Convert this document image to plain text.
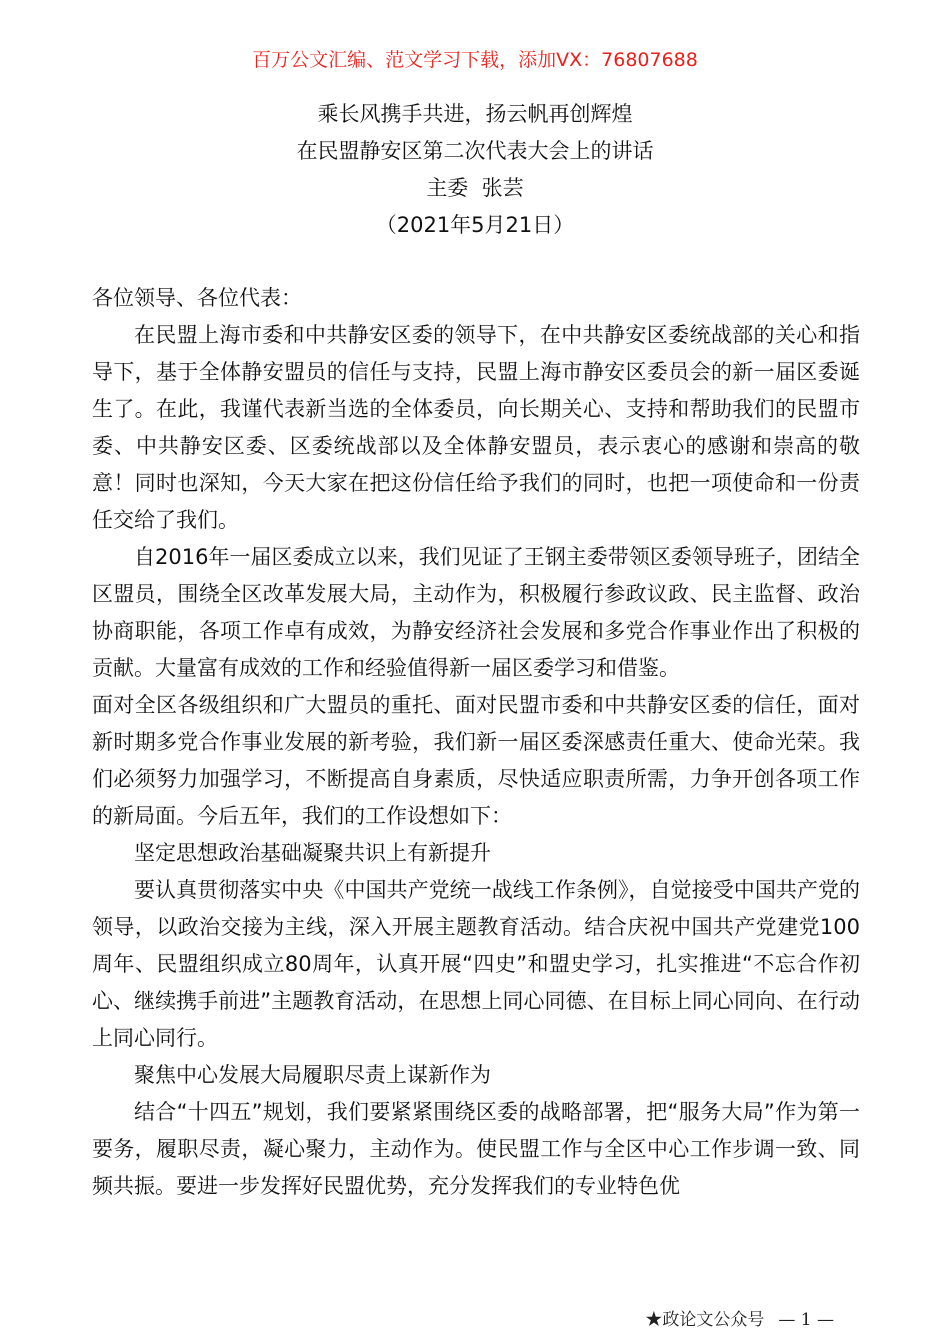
百万公文汇编、范文学习下载，添加VX：76807688
乘长风携手共进，扬云帆再创辉煌
在民盟静安区第二次代表大会上的讲话
主委  张芸
（2021年5月21日）

各位领导、各位代表：

在民盟上海市委和中共静安区委的领导下，在中共静安区委统战部的关心和指导下，基于全体静安盟员的信任与支持，民盟上海市静安区委员会的新一届区委诞生了。在此，我谨代表新当选的全体委员，向长期关心、支持和帮助我们的民盟市委、中共静安区委、区委统战部以及全体静安盟员，表示衷心的感谢和崇高的敬意！同时也深知，今天大家在把这份信任给予我们的同时，也把一项使命和一份责任交给了我们。

自2016年一届区委成立以来，我们见证了王钢主委带领区委领导班子，团结全区盟员，围绕全区改革发展大局，主动作为，积极履行参政议政、民主监督、政治协商职能，各项工作卓有成效，为静安经济社会发展和多党合作事业作出了积极的贡献。大量富有成效的工作和经验值得新一届区委学习和借鉴。

面对全区各级组织和广大盟员的重托、面对民盟市委和中共静安区委的信任，面对新时期多党合作事业发展的新考验，我们新一届区委深感责任重大、使命光荣。我们必须努力加强学习，不断提高自身素质，尽快适应职责所需，力争开创各项工作的新局面。今后五年，我们的工作设想如下：

坚定思想政治基础凝聚共识上有新提升

要认真贯彻落实中央《中国共产党统一战线工作条例》，自觉接受中国共产党的领导，以政治交接为主线，深入开展主题教育活动。结合庆祝中国共产党建党100周年、民盟组织成立80周年，认真开展“四史”和盟史学习，扎实推进“不忘合作初心、继续携手前进”主题教育活动，在思想上同心同德、在目标上同心同向、在行动上同心同行。

聚焦中心发展大局履职尽责上谋新作为

结合“十四五”规划，我们要紧紧围绕区委的战略部署，把“服务大局”作为第一要务，履职尽责，凝心聚力，主动作为。使民盟工作与全区中心工作步调一致、同频共振。要进一步发挥好民盟优势，充分发挥我们的专业特色优

★政论文公众号 — 1 —
